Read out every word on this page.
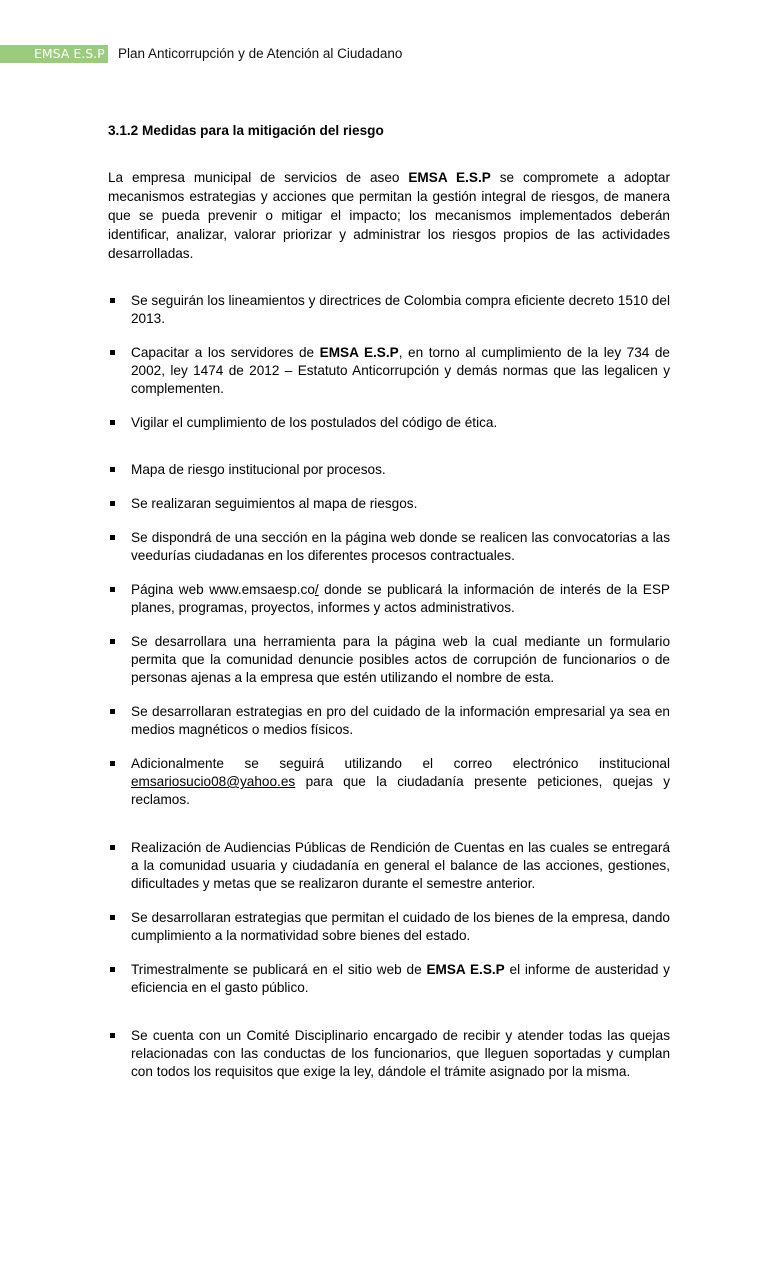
EMSA E.S.P Plan Anticorrupción y de Atención al Ciudadano
3.1.2 Medidas para la mitigación del riesgo

La empresa municipal de servicios de aseo EMSA E.S.P se compromete a adoptar mecanismos estrategias y acciones que permitan la gestión integral de riesgos, de manera que se pueda prevenir o mitigar el impacto; los mecanismos implementados deberán identificar, analizar, valorar priorizar y administrar los riesgos propios de las actividades desarrolladas.

Se seguirán los lineamientos y directrices de Colombia compra eficiente decreto 1510 del 2013.
Capacitar a los servidores de EMSA E.S.P, en torno al cumplimiento de la ley 734 de 2002, ley 1474 de 2012 – Estatuto Anticorrupción y demás normas que las legalicen y complementen.
Vigilar el cumplimiento de los postulados del código de ética.
Mapa de riesgo institucional por procesos.
Se realizaran seguimientos al mapa de riesgos.
Se dispondrá de una sección en la página web donde se realicen las convocatorias a las veedurías ciudadanas en los diferentes procesos contractuales.
Página web www.emsaesp.co/ donde se publicará la información de interés de la ESP planes, programas, proyectos, informes y actos administrativos.
Se desarrollara una herramienta para la página web la cual mediante un formulario permita que la comunidad denuncie posibles actos de corrupción de funcionarios o de personas ajenas a la empresa que estén utilizando el nombre de esta.
Se desarrollaran estrategias en pro del cuidado de la información empresarial ya sea en medios magnéticos o medios físicos.
Adicionalmente se seguirá utilizando el correo electrónico institucional emsariosucio08@yahoo.es para que la ciudadanía presente peticiones, quejas y reclamos.
Realización de Audiencias Públicas de Rendición de Cuentas en las cuales se entregará a la comunidad usuaria y ciudadanía en general el balance de las acciones, gestiones, dificultades y metas que se realizaron durante el semestre anterior.
Se desarrollaran estrategias que permitan el cuidado de los bienes de la empresa, dando cumplimiento a la normatividad sobre bienes del estado.
Trimestralmente se publicará en el sitio web de EMSA E.S.P el informe de austeridad y eficiencia en el gasto público.
Se cuenta con un Comité Disciplinario encargado de recibir y atender todas las quejas relacionadas con las conductas de los funcionarios, que lleguen soportadas y cumplan con todos los requisitos que exige la ley, dándole el trámite asignado por la misma.
